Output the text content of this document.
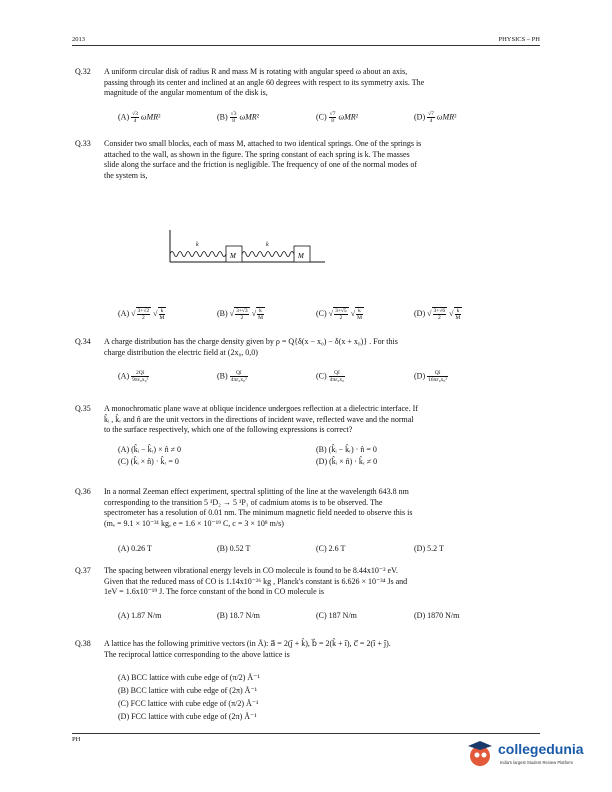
2013	PHYSICS – PH
Q.32 A uniform circular disk of radius R and mass M is rotating with angular speed ω about an axis,
passing through its center and inclined at an angle 60 degrees with respect to its symmetry axis. The
magnitude of the angular momentum of the disk is,
$(A) \frac{√3}{4} \omega MR^2$	$(B) \frac{√3}{8} \omega MR^2$	$(C) \frac{√7}{8} \omega MR^2$	$(D) \frac{√7}{4} \omega MR^2$
Q.33 Consider two small blocks, each of mass M, attached to two identical springs. One of the springs is
attached to the wall, as shown in the figure. The spring constant of each spring is k. The masses
slide along the surface and the friction is negligible. The frequency of one of the normal modes of
the system is,
k	k
M	M
(A) √ $\frac{3+√2}{2}$ √ $\frac{k}{M}$	(B) √ $\frac{3+√3}{2}$ √ $\frac{k}{M}$	(C) √ $\frac{3+√5}{2}$ √ $\frac{k}{M}$	(D) √ $\frac{3+√6}{2}$ √ $\frac{k}{M}$
Q.34 A charge distribution has the charge density given by ρ = Q{δ(x − x₀) − δ(x + x₀)} . For this
charge distribution the electric field at (2x₀, 0,0)
$(A) \frac{2Qî}{\text{9πε₀x₀²}}$	$(B) \frac{Qî}{\text{4πε₀x₀²}}$	$(C) \frac{Qî}{\text{4πε₀x₀}}$	$(D) \frac{Qî}{\text{16πε₀x₀²}}$
Q.35 A monochromatic plane wave at oblique incidence undergoes reflection at a dielectric interface. If
k̂ᵢ , k̂ᵣ and n̂ are the unit vectors in the directions of incident wave, reflected wave and the normal
to the surface respectively, which one of the following expressions is correct?
(A) (k̂ᵢ − k̂ᵣ) × n̂ ≠ 0	(B) (k̂ᵢ − k̂ᵣ) · n̂ = 0
(C) (k̂ᵢ × n̂) · k̂ᵣ = 0	(D) (k̂ᵢ × n̂) · k̂ᵣ ≠ 0
Q.36 In a normal Zeeman effect experiment, spectral splitting of the line at the wavelength 643.8 nm
corresponding to the transition 5 ¹D₂ → 5 ¹P₁ of cadmium atoms is to be observed. The
spectrometer has a resolution of 0.01 nm. The minimum magnetic field needed to observe this is
(mₑ = 9.1 × 10⁻³¹ kg, e = 1.6 × 10⁻¹⁹ C, c = 3 × 10⁸ m/s)
(A) 0.26 T	(B) 0.52 T	(C) 2.6 T	(D) 5.2 T
Q.37 The spacing between vibrational energy levels in CO molecule is found to be 8.44x10⁻² eV.
Given that the reduced mass of CO is 1.14x10⁻²⁶ kg , Planck's constant is 6.626 × 10⁻³⁴ Js and
1eV = 1.6x10⁻¹⁹ J. The force constant of the bond in CO molecule is
(A) 1.87 N/m	(B) 18.7 N/m	(C) 187 N/m	(D) 1870 N/m
Q.38 A lattice has the following primitive vectors (in Å): a⃗ = 2(ĵ + k̂), b⃗ = 2(k̂ + î), c⃗ = 2(î + ĵ).
The reciprocal lattice corresponding to the above lattice is
(A) BCC lattice with cube edge of (π/2) Å⁻¹
(B) BCC lattice with cube edge of (2π) Å⁻¹
(C) FCC lattice with cube edge of (π/2) Å⁻¹
(D) FCC lattice with cube edge of (2π) Å⁻¹
PH
collegedunia
India's largest Student Review Platform
